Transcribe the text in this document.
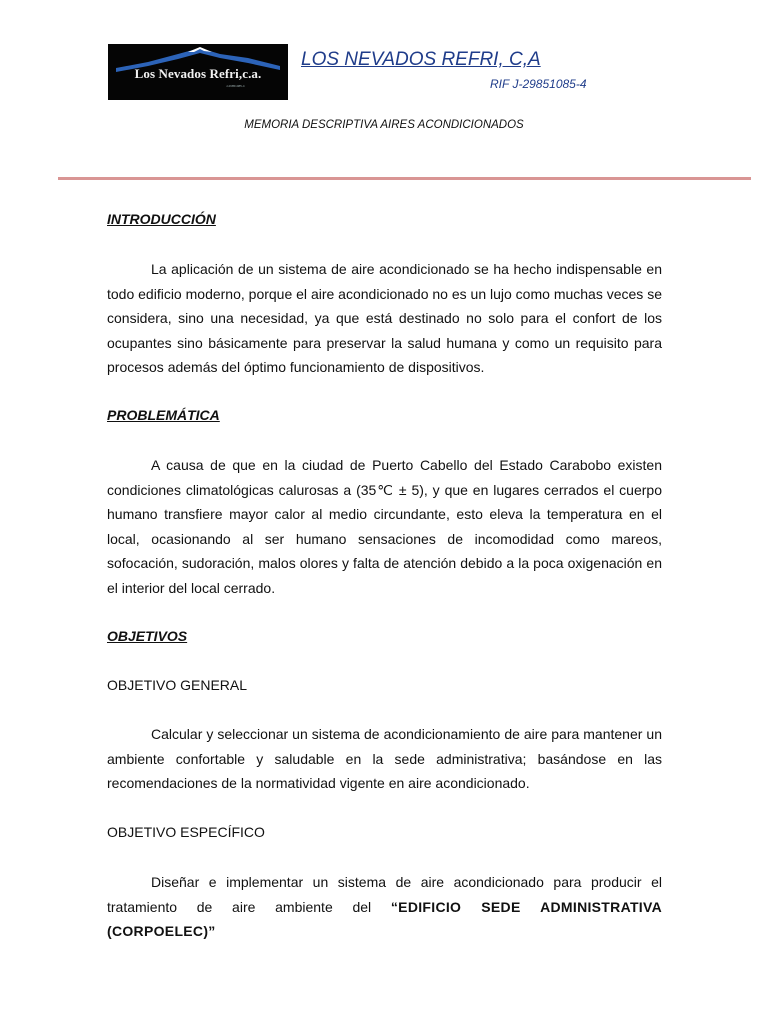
Los Nevados Refri,c.a.
J-29851085-4
LOS NEVADOS REFRI, C,A
RIF J-29851085-4
MEMORIA DESCRIPTIVA AIRES ACONDICIONADOS
INTRODUCCIÓN

La aplicación de un sistema de aire acondicionado se ha hecho indispensable en todo edificio moderno, porque el aire acondicionado no es un lujo como muchas veces se considera, sino una necesidad, ya que está destinado no solo para el confort de los ocupantes sino básicamente para preservar la salud humana y como un requisito para procesos además del óptimo funcionamiento de dispositivos.

PROBLEMÁTICA

A causa de que en la ciudad de Puerto Cabello del Estado Carabobo existen condiciones climatológicas calurosas a (35℃ ± 5), y que en lugares cerrados el cuerpo humano transfiere mayor calor al medio circundante, esto eleva la temperatura en el local, ocasionando al ser humano sensaciones de incomodidad como mareos, sofocación, sudoración, malos olores y falta de atención debido a la poca oxigenación en el interior del local cerrado.

OBJETIVOS
OBJETIVO GENERAL

Calcular y seleccionar un sistema de acondicionamiento de aire para mantener un ambiente confortable y saludable en la sede administrativa; basándose en las recomendaciones de la normatividad vigente en aire acondicionado.

OBJETIVO ESPECÍFICO

Diseñar e implementar un sistema de aire acondicionado para producir el tratamiento de aire ambiente del “EDIFICIO SEDE ADMINISTRATIVA (CORPOELEC)”
